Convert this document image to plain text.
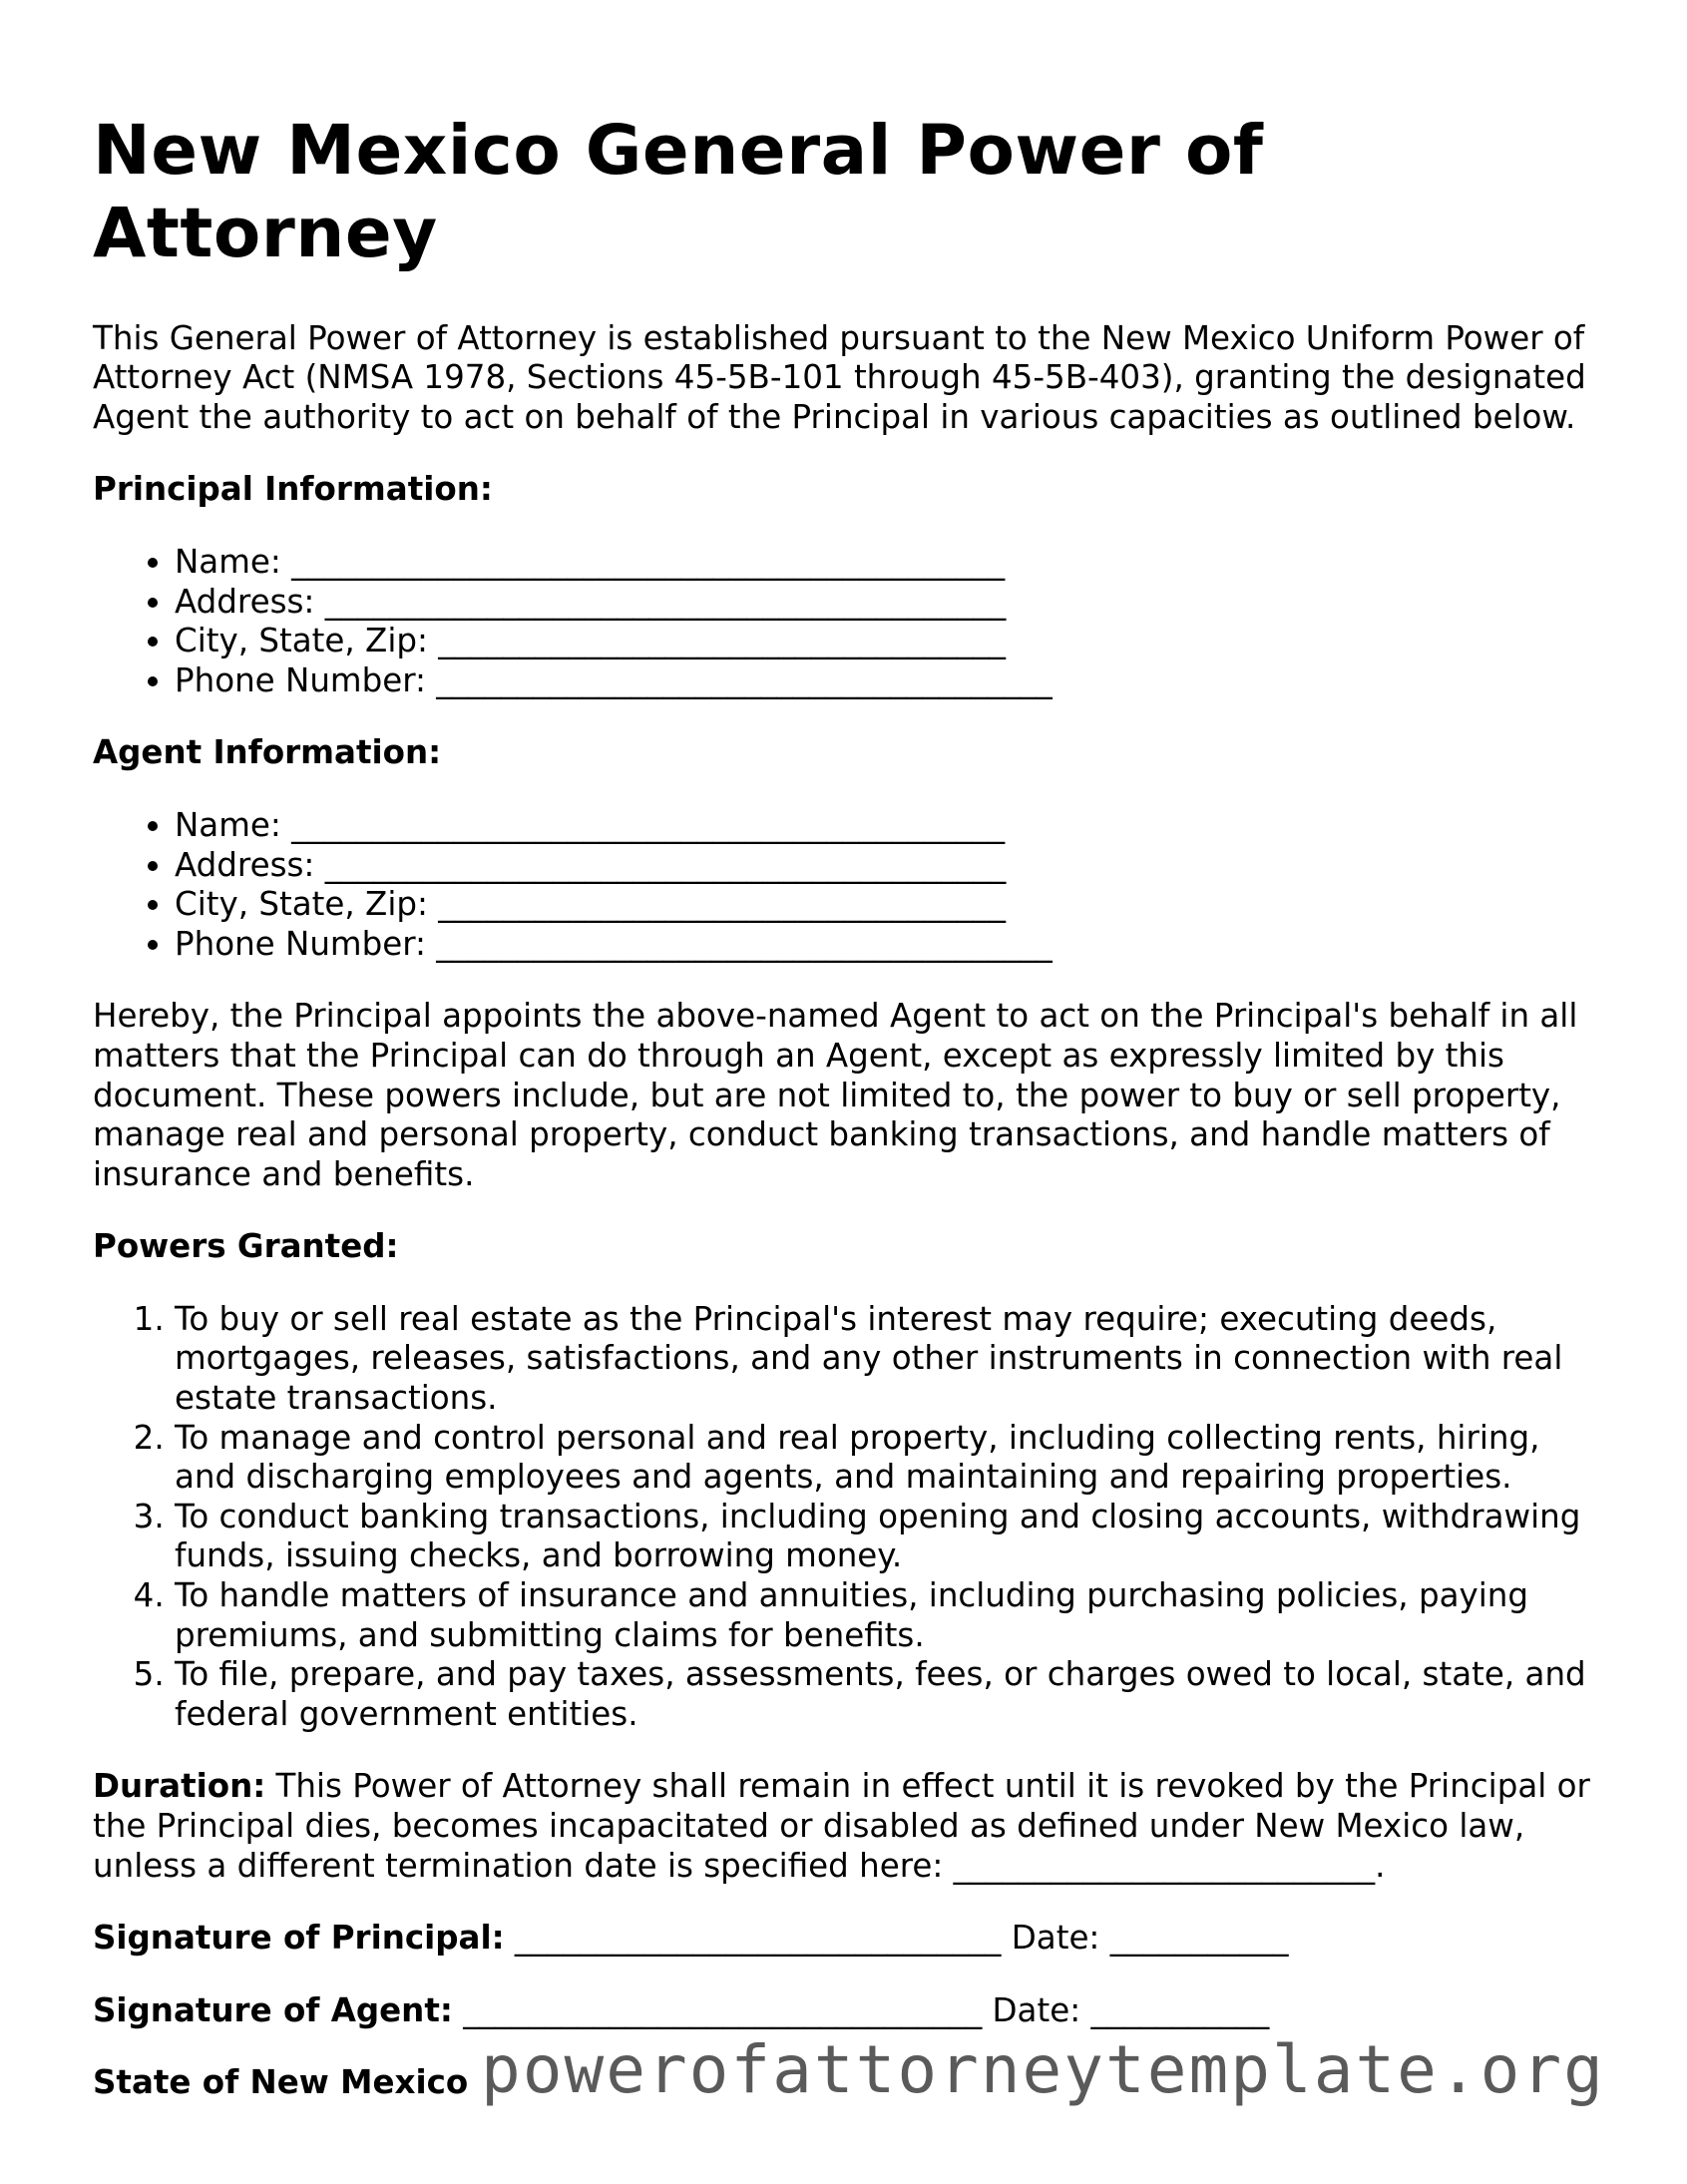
New Mexico General Power of Attorney

This General Power of Attorney is established pursuant to the New Mexico Uniform Power of Attorney Act (NMSA 1978, Sections 45-5B-101 through 45-5B-403), granting the designated Agent the authority to act on behalf of the Principal in various capacities as outlined below.

Principal Information:
• Name: ____________________________________________
• Address: __________________________________________
• City, State, Zip: ___________________________________
• Phone Number: ______________________________________
Agent Information:
• Name: ____________________________________________
• Address: __________________________________________
• City, State, Zip: ___________________________________
• Phone Number: ______________________________________

Hereby, the Principal appoints the above-named Agent to act on the Principal's behalf in all matters that the Principal can do through an Agent, except as expressly limited by this document. These powers include, but are not limited to, the power to buy or sell property, manage real and personal property, conduct banking transactions, and handle matters of insurance and benefits.

Powers Granted:
1. To buy or sell real estate as the Principal's interest may require; executing deeds, mortgages, releases, satisfactions, and any other instruments in connection with real estate transactions.
2. To manage and control personal and real property, including collecting rents, hiring, and discharging employees and agents, and maintaining and repairing properties.
3. To conduct banking transactions, including opening and closing accounts, withdrawing funds, issuing checks, and borrowing money.
4. To handle matters of insurance and annuities, including purchasing policies, paying premiums, and submitting claims for benefits.
5. To file, prepare, and pay taxes, assessments, fees, or charges owed to local, state, and federal government entities.

Duration: This Power of Attorney shall remain in effect until it is revoked by the Principal or the Principal dies, becomes incapacitated or disabled as defined under New Mexico law, unless a different termination date is specified here: __________________________.

Signature of Principal: ______________________________ Date: ___________
Signature of Agent: ________________________________ Date: ___________
State of New Mexico powerofattorneytemplate.org
